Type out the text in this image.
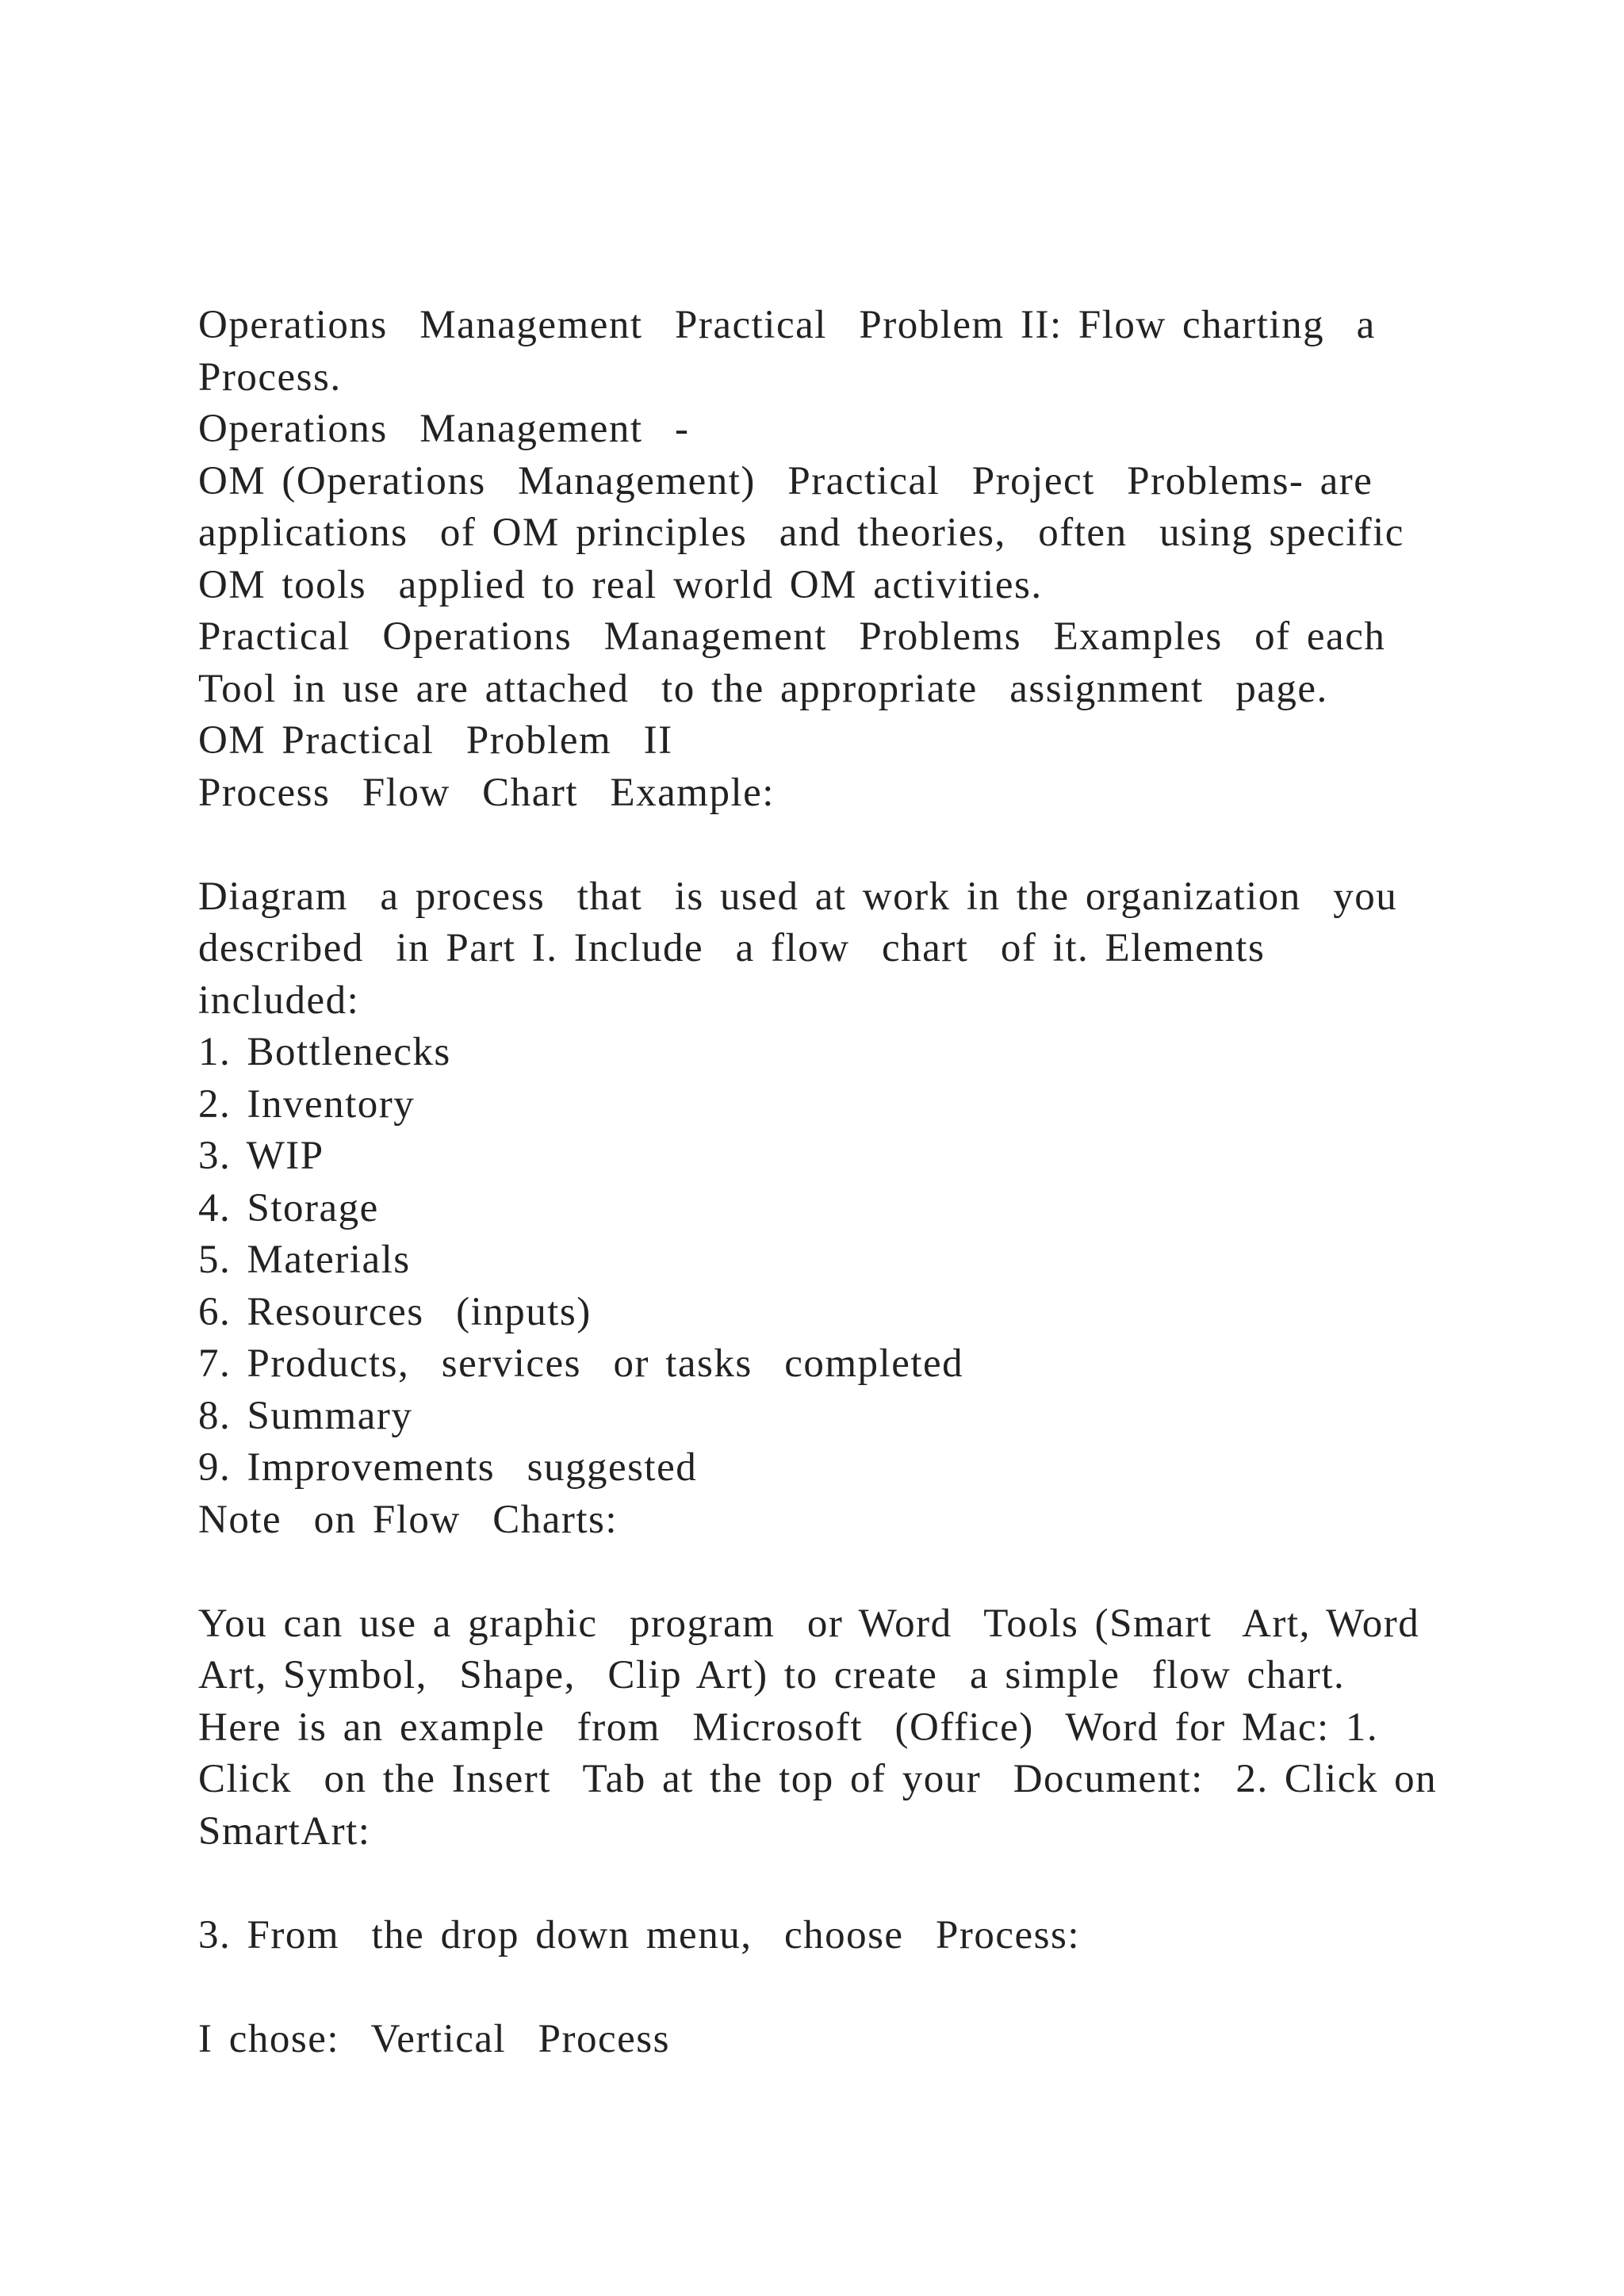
Operations  Management  Practical  Problem II: Flow charting  a
Process.
Operations  Management  -
OM (Operations  Management)  Practical  Project  Problems- are
applications  of OM principles  and theories,  often  using specific
OM tools  applied to real world OM activities.
Practical  Operations  Management  Problems  Examples  of each
Tool in use are attached  to the appropriate  assignment  page.
OM Practical  Problem  II
Process  Flow  Chart  Example:
Diagram  a process  that  is used at work in the organization  you
described  in Part I. Include  a flow  chart  of it. Elements
included:
1. Bottlenecks
2. Inventory
3. WIP
4. Storage
5. Materials
6. Resources  (inputs)
7. Products,  services  or tasks  completed
8. Summary
9. Improvements  suggested
Note  on Flow  Charts:
You can use a graphic  program  or Word  Tools (Smart  Art, Word
Art, Symbol,  Shape,  Clip Art) to create  a simple  flow chart.
Here is an example  from  Microsoft  (Office)  Word for Mac: 1.
Click  on the Insert  Tab at the top of your  Document:  2. Click on
SmartArt:
3. From  the drop down menu,  choose  Process:
I chose:  Vertical  Process
